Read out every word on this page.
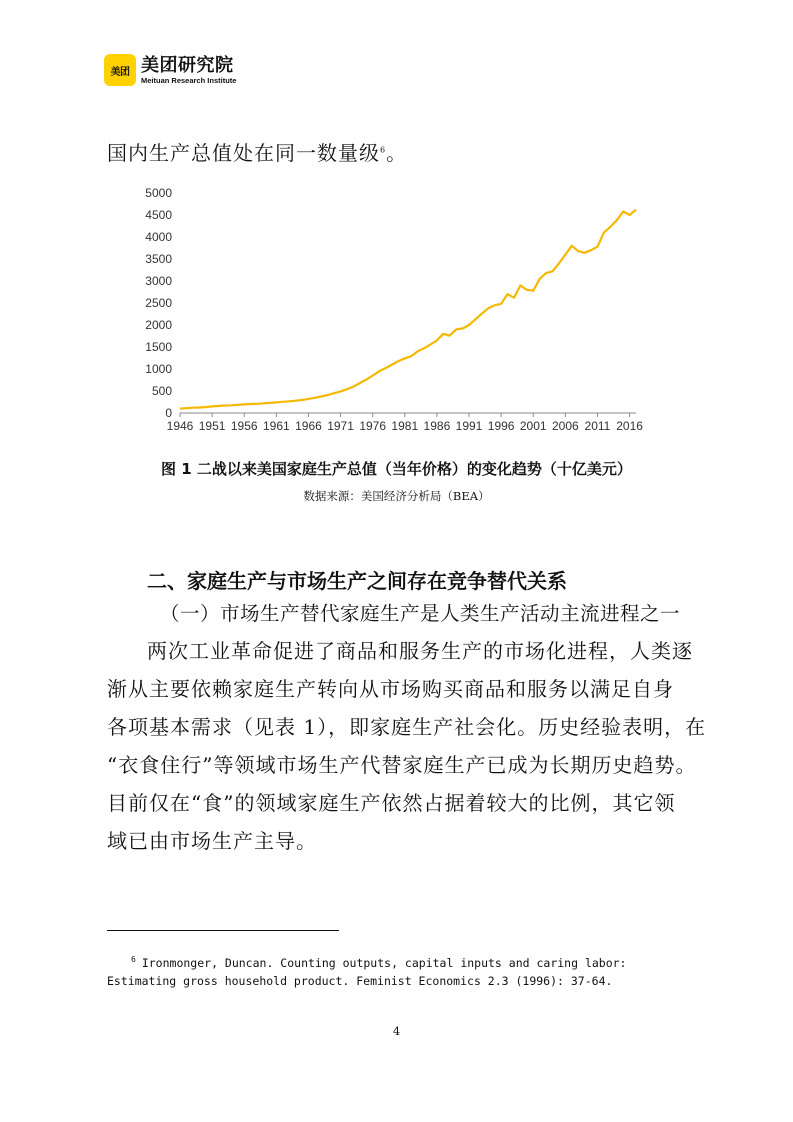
美团 美团研究院
Meituan Research Institute
国内生产总值处在同一数量级$^6$。
5000
4500
4000
3500
3000
2500
2000
1500
1000
500
0
1946 1951 1956 1961 1966 1971 1976 1981 1986 1991 1996 2001 2006 2011 2016
图 1 二战以来美国家庭生产总值（当年价格）的变化趋势（十亿美元）
数据来源：美国经济分析局（BEA）
二、家庭生产与市场生产之间存在竞争替代关系
（一）市场生产替代家庭生产是人类生产活动主流进程之一
两次工业革命促进了商品和服务生产的市场化进程，人类逐
渐从主要依赖家庭生产转向从市场购买商品和服务以满足自身
各项基本需求（见表 1），即家庭生产社会化。历史经验表明，在
“衣食住行”等领域市场生产代替家庭生产已成为长期历史趋势。
目前仅在“食”的领域家庭生产依然占据着较大的比例，其它领
域已由市场生产主导。
$^6$ Ironmonger, Duncan. Counting outputs, capital inputs and caring labor:
Estimating gross household product. Feminist Economics 2.3 (1996): 37-64.
4
